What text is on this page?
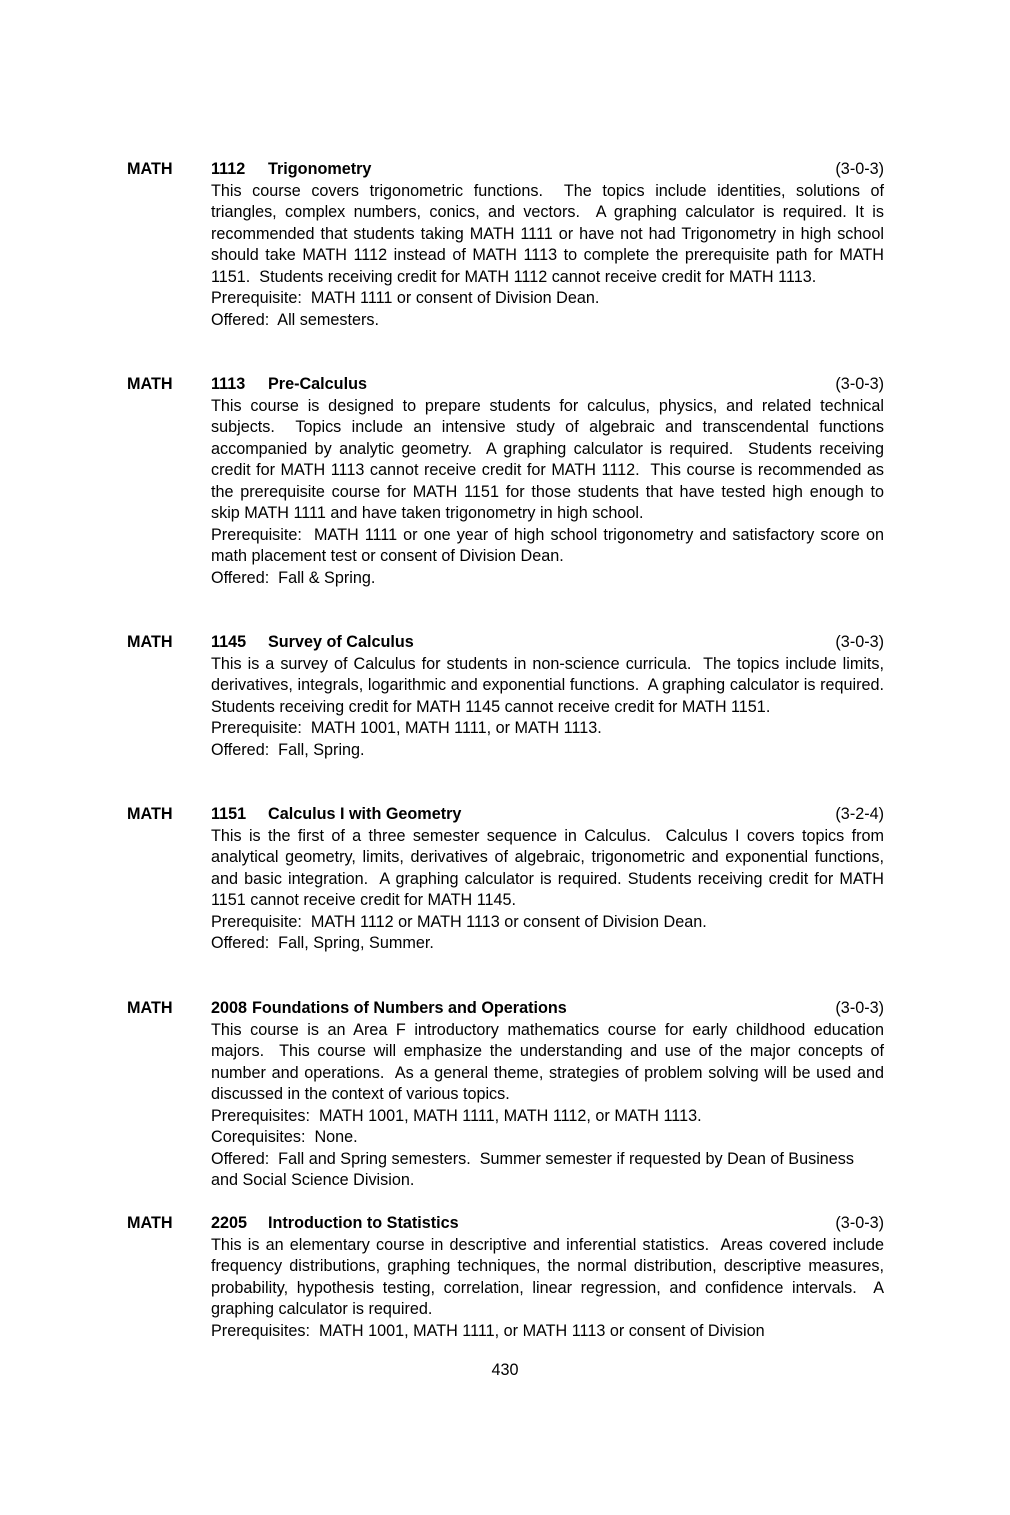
MATH 1112 Trigonometry	(3-0-3)

This course covers trigonometric functions.  The topics include identities, solutions of triangles, complex numbers, conics, and vectors.  A graphing calculator is required. It is recommended that students taking MATH 1111 or have not had Trigonometry in high school should take MATH 1112 instead of MATH 1113 to complete the prerequisite path for MATH 1151.  Students receiving credit for MATH 1112 cannot receive credit for MATH 1113.

Prerequisite:  MATH 1111 or consent of Division Dean.

Offered:  All semesters.

MATH 1113 Pre-Calculus	(3-0-3)

This course is designed to prepare students for calculus, physics, and related technical subjects.  Topics include an intensive study of algebraic and transcendental functions accompanied by analytic geometry.  A graphing calculator is required.  Students receiving credit for MATH 1113 cannot receive credit for MATH 1112.  This course is recommended as the prerequisite course for MATH 1151 for those students that have tested high enough to skip MATH 1111 and have taken trigonometry in high school.

Prerequisite:  MATH 1111 or one year of high school trigonometry and satisfactory score on math placement test or consent of Division Dean.

Offered:  Fall & Spring.

MATH 1145 Survey of Calculus	(3-0-3)

This is a survey of Calculus for students in non-science curricula.  The topics include limits, derivatives, integrals, logarithmic and exponential functions.  A graphing calculator is required.  Students receiving credit for MATH 1145 cannot receive credit for MATH 1151.

Prerequisite:  MATH 1001, MATH 1111, or MATH 1113.

Offered:  Fall, Spring.

MATH 1151 Calculus I with Geometry	(3-2-4)

This is the first of a three semester sequence in Calculus.  Calculus I covers topics from analytical geometry, limits, derivatives of algebraic, trigonometric and exponential functions, and basic integration.  A graphing calculator is required. Students receiving credit for MATH 1151 cannot receive credit for MATH 1145.

Prerequisite:  MATH 1112 or MATH 1113 or consent of Division Dean.

Offered:  Fall, Spring, Summer.

MATH 2008 Foundations of Numbers and Operations	(3-0-3)

This course is an Area F introductory mathematics course for early childhood education majors.  This course will emphasize the understanding and use of the major concepts of number and operations.  As a general theme, strategies of problem solving will be used and discussed in the context of various topics.

Prerequisites:  MATH 1001, MATH 1111, MATH 1112, or MATH 1113.

Corequisites:  None.

Offered:  Fall and Spring semesters.  Summer semester if requested by Dean of Business and Social Science Division.

MATH 2205 Introduction to Statistics	(3-0-3)

This is an elementary course in descriptive and inferential statistics.  Areas covered include frequency distributions, graphing techniques, the normal distribution, descriptive measures, probability, hypothesis testing, correlation, linear regression, and confidence intervals.  A graphing calculator is required.

Prerequisites:  MATH 1001, MATH 1111, or MATH 1113 or consent of Division

430
